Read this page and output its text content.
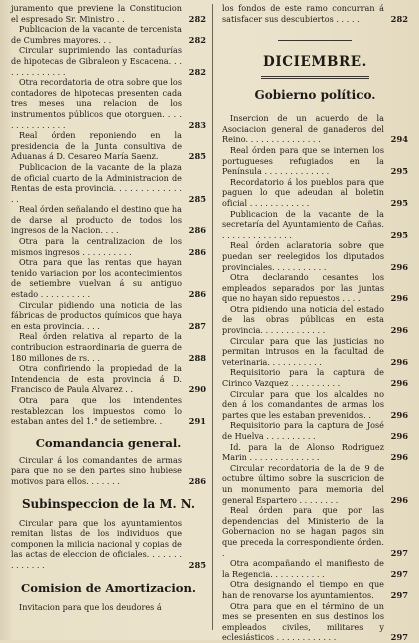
juramento que previene la Constitucion el espresado Sr. Ministro . .	282
Publicacion de la vacante de tercenista de Cumbres mayores. . .	282
Circular suprimiendo las contadurías de hipotecas de Gibraleon y Escacena. . . . . . . . . . . . . .	282
Otra recordatoria de otra sobre que los contadores de hipotecas presenten cada tres meses una relacion de los instrumentos públicos que otorguen. . . . . . . . . . . . . . .	283
Real órden reponiendo en la presidencia de la Junta consultiva de Aduanas á D. Cesareo María Saenz.	285
Publicacion de la vacante de la plaza de oficial cuarto de la Administracion de Rentas de esta provincia. . . . . . . . . . . . . . .	285
Real órden señalando el destino que ha de darse al producto de todos los ingresos de la Nacion. . . .	286
Otra para la centralizacion de los mismos ingresos . . . . . . . . . .	286
Otra para que las rentas que hayan tenido variacion por los acontecimientos de setiembre vuelvan á su antiguo estado . . . . . . . . . .	286
Circular pidiendo una noticia de las fábricas de productos químicos que haya en esta provincia. . . .	287
Real órden relativa al reparto de la contribucion estraordinaria de guerra de 180 millones de rs. . .	288
Otra confiriendo la propiedad de la Intendencia de esta provincia á D. Francisco de Paula Alvarez . .	290
Otra para que los intendentes restablezcan los impuestos como lo estaban antes del 1.° de setiembre. .	291
Comandancia general.
Circular á los comandantes de armas para que no se den partes sino hubiese motivos para ellos. . . . . . .	286
Subinspeccion de la M. N.
Circular para que los ayuntamientos remitan listas de los individuos que componen la milicia nacional y copias de las actas de eleccion de oficiales. . . . . . . . . . . . . .	285
Comision de Amortizacion.
Invitacion para que los deudores á
los fondos de este ramo concurran á satisfacer sus descubiertos . . . . .	282
DICIEMBRE.
Gobierno político.
Insercion de un acuerdo de la Asociacion general de ganaderos del Reino. . . . . . . . . . . . . . .	294
Real órden para que se internen los portugueses refugiados en la Península . . . . . . . . . . . . .	295
Recordatorio á los pueblos para que paguen lo que adeudan al boletin oficial . . . . . . . . . . . .	295
Publicacion de la vacante de la secretaría del Ayuntamiento de Cañas. . . . . . . . . . . . . . .	295
Real órden aclaratoria sobre que puedan ser reelegidos los diputados provinciales. . . . . . . . . . .	296
Otra declarando cesantes los empleados separados por las juntas que no hayan sido repuestos . . . .	296
Otra pidiendo una noticia del estado de las obras públicas en esta provincia. . . . . . . . . . . . .	296
Circular para que las justicias no permitan intrusos en la facultad de veterinaria. . . . . . . . . . .	296
Requisitorio para la captura de Cirinco Vazquez . . . . . . . . . .	296
Circular para que los alcaldes no den á los comandantes de armas los partes que les estaban prevenidos. .	296
Requisitorio para la captura de José de Huelva . . . . . . . . . .	296
Id. para la de Alonso Rodriguez Marin . . . . . . . . . . . . . .	296
Circular recordatoria de la de 9 de octubre último sobre la suscricion de un monumento para memoria del general Espartero . . . . . . . .	296
Real órden para que por las dependencias del Ministerio de la Gobernacion no se hagan pagos sin que preceda la correspondiente órden. .	297
Otra acompañando el manifiesto de la Regencia. . . . . . . . . . .	297
Otra designando el tiempo en que han de renovarse los ayuntamientos.	297
Otra para que en el término de un mes se presenten en sus destinos los empleados civiles, militares y eclesiásticos . . . . . . . . . . . .	297
